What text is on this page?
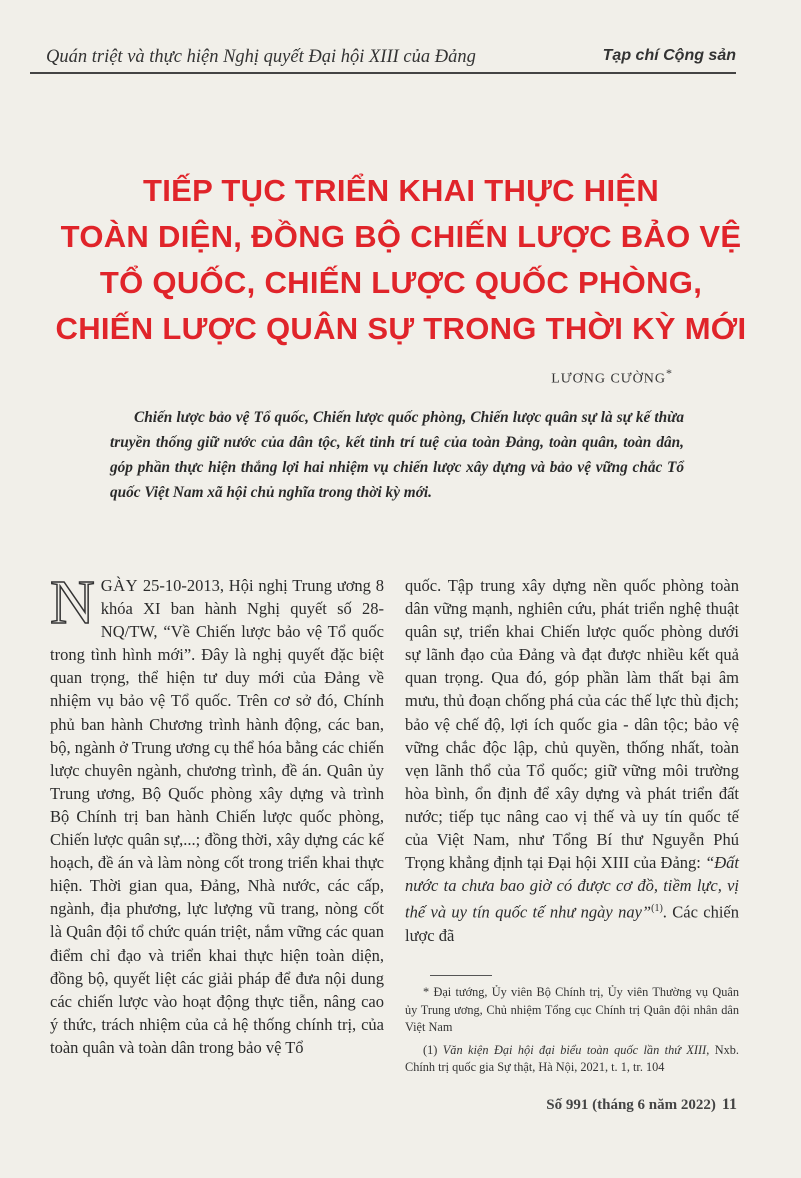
Quán triệt và thực hiện Nghị quyết Đại hội XIII của Đảng	Tạp chí Cộng sản
TIẾP TỤC TRIỂN KHAI THỰC HIỆN
TOÀN DIỆN, ĐỒNG BỘ CHIẾN LƯỢC BẢO VỆ
TỔ QUỐC, CHIẾN LƯỢC QUỐC PHÒNG,
CHIẾN LƯỢC QUÂN SỰ TRONG THỜI KỲ MỚI
LƯƠNG CƯỜNG*
Chiến lược bảo vệ Tổ quốc, Chiến lược quốc phòng, Chiến lược quân sự là sự kế thừa truyền thống giữ nước của dân tộc, kết tinh trí tuệ của toàn Đảng, toàn quân, toàn dân, góp phần thực hiện thắng lợi hai nhiệm vụ chiến lược xây dựng và bảo vệ vững chắc Tổ quốc Việt Nam xã hội chủ nghĩa trong thời kỳ mới.
NGÀY 25-10-2013, Hội nghị Trung ương 8 khóa XI ban hành Nghị quyết số 28-NQ/TW, “Về Chiến lược bảo vệ Tổ quốc trong tình hình mới”. Đây là nghị quyết đặc biệt quan trọng, thể hiện tư duy mới của Đảng về nhiệm vụ bảo vệ Tổ quốc. Trên cơ sở đó, Chính phủ ban hành Chương trình hành động, các ban, bộ, ngành ở Trung ương cụ thể hóa bằng các chiến lược chuyên ngành, chương trình, đề án. Quân ủy Trung ương, Bộ Quốc phòng xây dựng và trình Bộ Chính trị ban hành Chiến lược quốc phòng, Chiến lược quân sự,...; đồng thời, xây dựng các kế hoạch, đề án và làm nòng cốt trong triển khai thực hiện. Thời gian qua, Đảng, Nhà nước, các cấp, ngành, địa phương, lực lượng vũ trang, nòng cốt là Quân đội tổ chức quán triệt, nắm vững các quan điểm chỉ đạo và triển khai thực hiện toàn diện, đồng bộ, quyết liệt các giải pháp để đưa nội dung các chiến lược vào hoạt động thực tiễn, nâng cao ý thức, trách nhiệm của cả hệ thống chính trị, của toàn quân và toàn dân trong bảo vệ Tổ
quốc. Tập trung xây dựng nền quốc phòng toàn dân vững mạnh, nghiên cứu, phát triển nghệ thuật quân sự, triển khai Chiến lược quốc phòng dưới sự lãnh đạo của Đảng và đạt được nhiều kết quả quan trọng. Qua đó, góp phần làm thất bại âm mưu, thủ đoạn chống phá của các thế lực thù địch; bảo vệ chế độ, lợi ích quốc gia - dân tộc; bảo vệ vững chắc độc lập, chủ quyền, thống nhất, toàn vẹn lãnh thổ của Tổ quốc; giữ vững môi trường hòa bình, ổn định để xây dựng và phát triển đất nước; tiếp tục nâng cao vị thế và uy tín quốc tế của Việt Nam, như Tổng Bí thư Nguyễn Phú Trọng khẳng định tại Đại hội XIII của Đảng: “Đất nước ta chưa bao giờ có được cơ đồ, tiềm lực, vị thế và uy tín quốc tế như ngày nay”$^{(1)}$. Các chiến lược đã

* Đại tướng, Ủy viên Bộ Chính trị, Ủy viên Thường vụ Quân ủy Trung ương, Chủ nhiệm Tổng cục Chính trị Quân đội nhân dân Việt Nam

(1) Văn kiện Đại hội đại biểu toàn quốc lần thứ XIII, Nxb. Chính trị quốc gia Sự thật, Hà Nội, 2021, t. 1, tr. 104

Số 991 (tháng 6 năm 2022) 11
